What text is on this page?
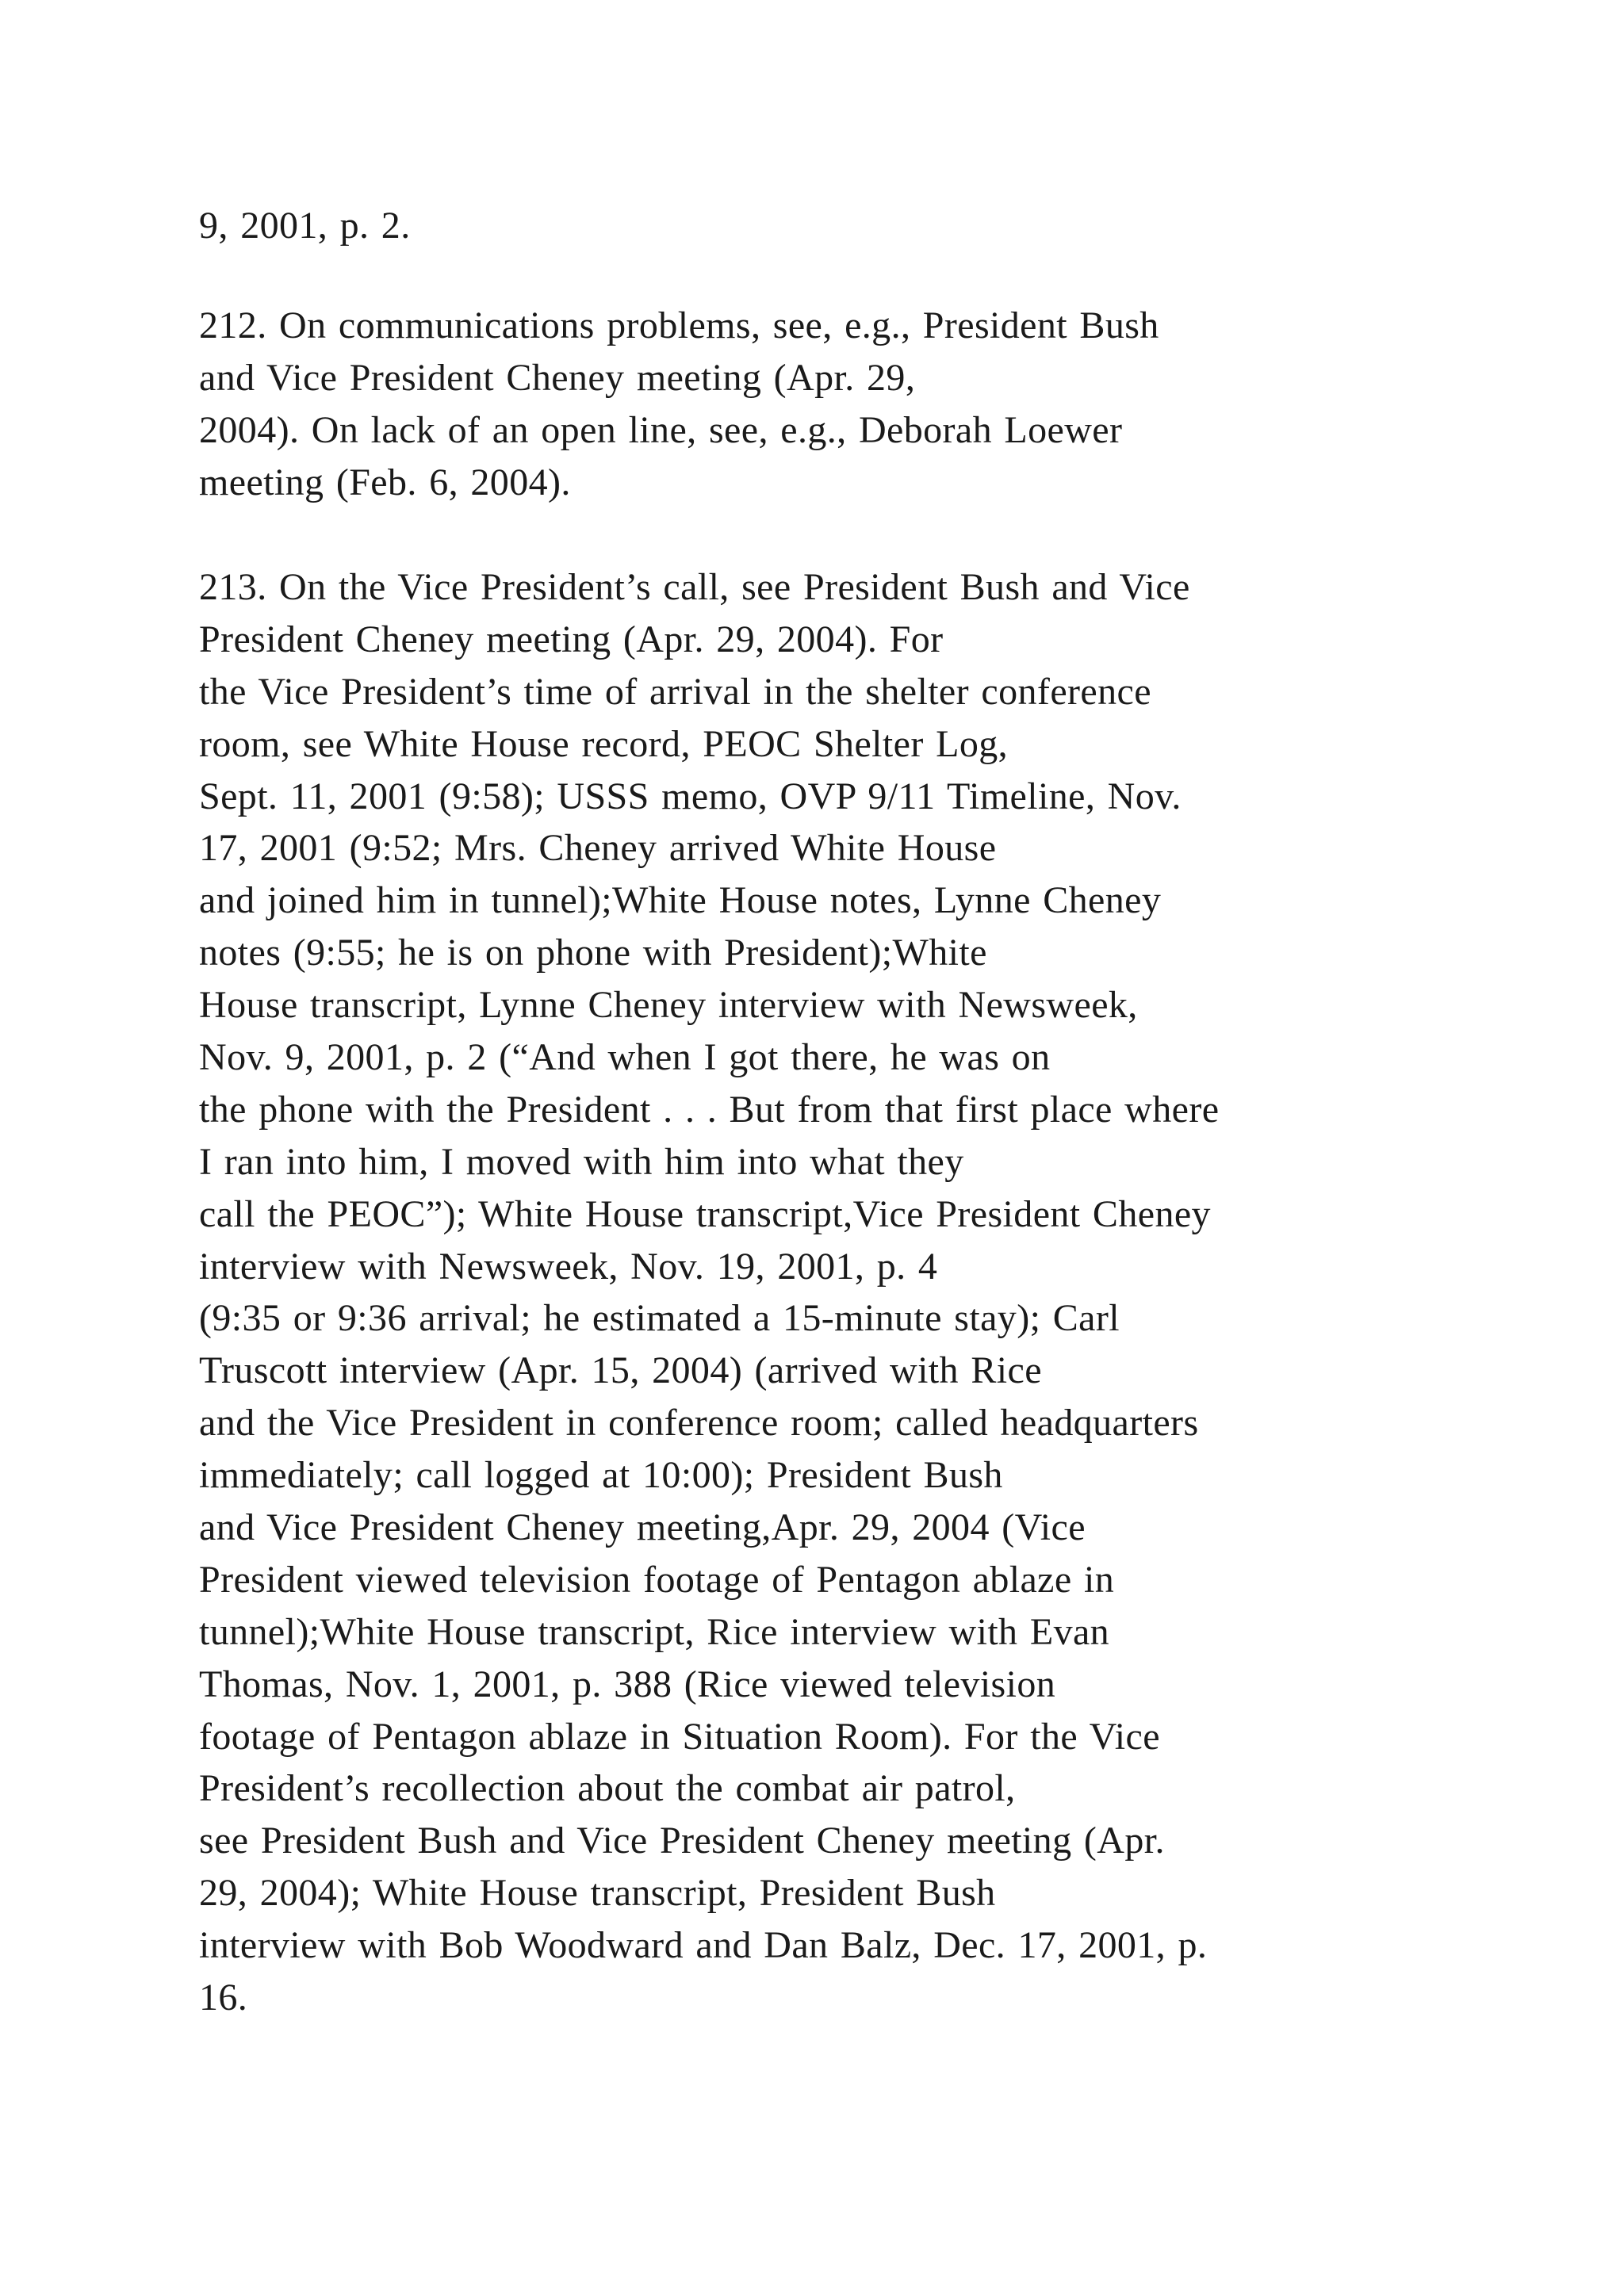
9, 2001, p. 2.
212. On communications problems, see, e.g., President Bush
and Vice President Cheney meeting (Apr. 29,
2004). On lack of an open line, see, e.g., Deborah Loewer
meeting (Feb. 6, 2004).
213. On the Vice President’s call, see President Bush and Vice
President Cheney meeting (Apr. 29, 2004). For
the Vice President’s time of arrival in the shelter conference
room, see White House record, PEOC Shelter Log,
Sept. 11, 2001 (9:58); USSS memo, OVP 9/11 Timeline, Nov.
17, 2001 (9:52; Mrs. Cheney arrived White House
and joined him in tunnel);White House notes, Lynne Cheney
notes (9:55; he is on phone with President);White
House transcript, Lynne Cheney interview with Newsweek,
Nov. 9, 2001, p. 2 (“And when I got there, he was on
the phone with the President . . . But from that first place where
I ran into him, I moved with him into what they
call the PEOC”); White House transcript,Vice President Cheney
interview with Newsweek, Nov. 19, 2001, p. 4
(9:35 or 9:36 arrival; he estimated a 15-minute stay); Carl
Truscott interview (Apr. 15, 2004) (arrived with Rice
and the Vice President in conference room; called headquarters
immediately; call logged at 10:00); President Bush
and Vice President Cheney meeting,Apr. 29, 2004 (Vice
President viewed television footage of Pentagon ablaze in
tunnel);White House transcript, Rice interview with Evan
Thomas, Nov. 1, 2001, p. 388 (Rice viewed television
footage of Pentagon ablaze in Situation Room). For the Vice
President’s recollection about the combat air patrol,
see President Bush and Vice President Cheney meeting (Apr.
29, 2004); White House transcript, President Bush
interview with Bob Woodward and Dan Balz, Dec. 17, 2001, p.
16.
